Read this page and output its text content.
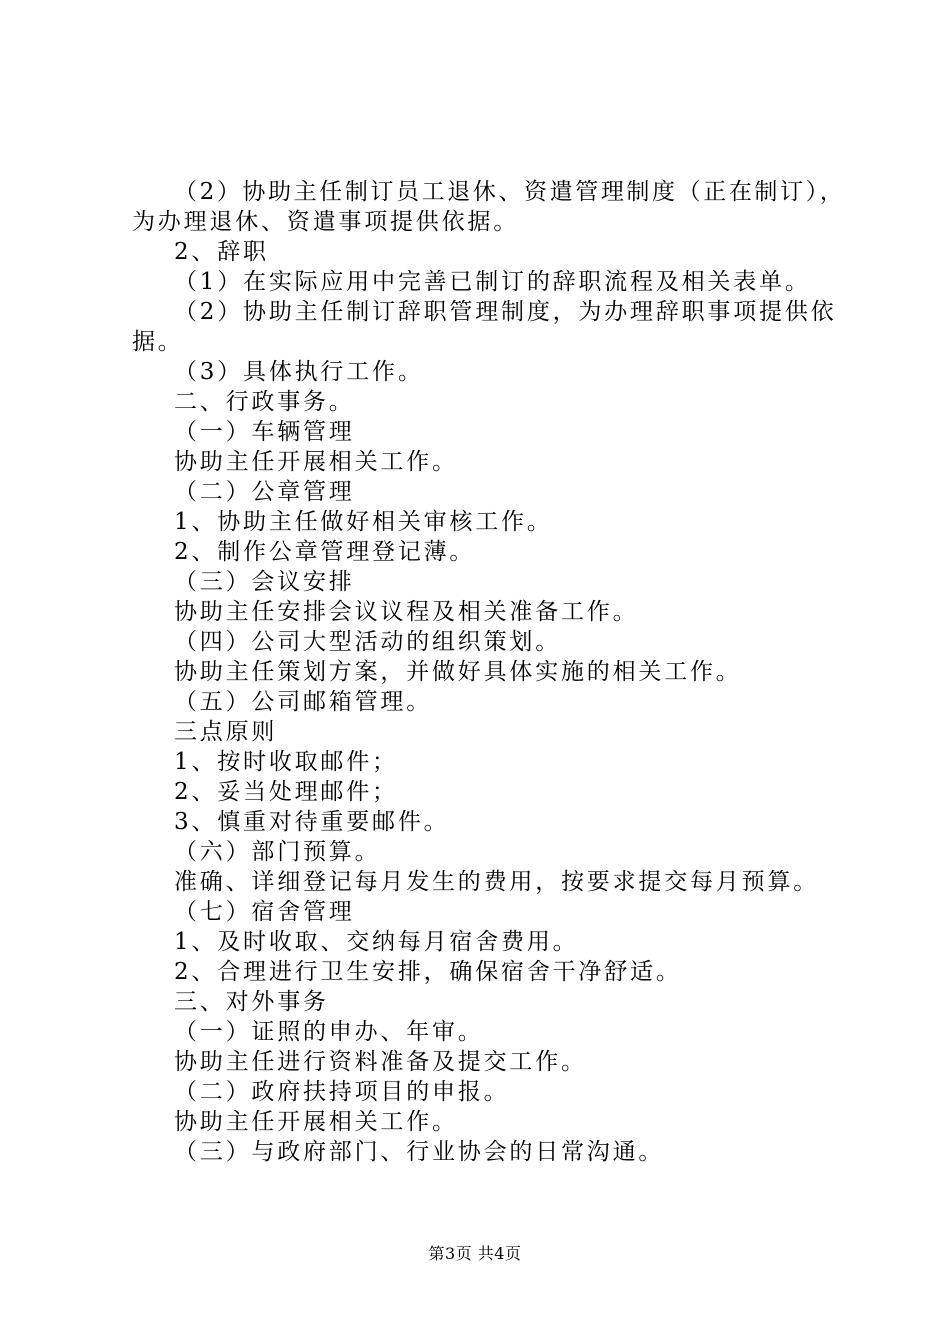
（2）协助主任制订员工退休、资遣管理制度（正在制订），
为办理退休、资遣事项提供依据。
2、辞职
（1）在实际应用中完善已制订的辞职流程及相关表单。
（2）协助主任制订辞职管理制度，为办理辞职事项提供依
据。
（3）具体执行工作。
二、行政事务。
（一）车辆管理
协助主任开展相关工作。
（二）公章管理
1、协助主任做好相关审核工作。
2、制作公章管理登记薄。
（三）会议安排
协助主任安排会议议程及相关准备工作。
（四）公司大型活动的组织策划。
协助主任策划方案，并做好具体实施的相关工作。
（五）公司邮箱管理。
三点原则
1、按时收取邮件；
2、妥当处理邮件；
3、慎重对待重要邮件。
（六）部门预算。
准确、详细登记每月发生的费用，按要求提交每月预算。
（七）宿舍管理
1、及时收取、交纳每月宿舍费用。
2、合理进行卫生安排，确保宿舍干净舒适。
三、对外事务
（一）证照的申办、年审。
协助主任进行资料准备及提交工作。
（二）政府扶持项目的申报。
协助主任开展相关工作。
（三）与政府部门、行业协会的日常沟通。
第3页 共4页
